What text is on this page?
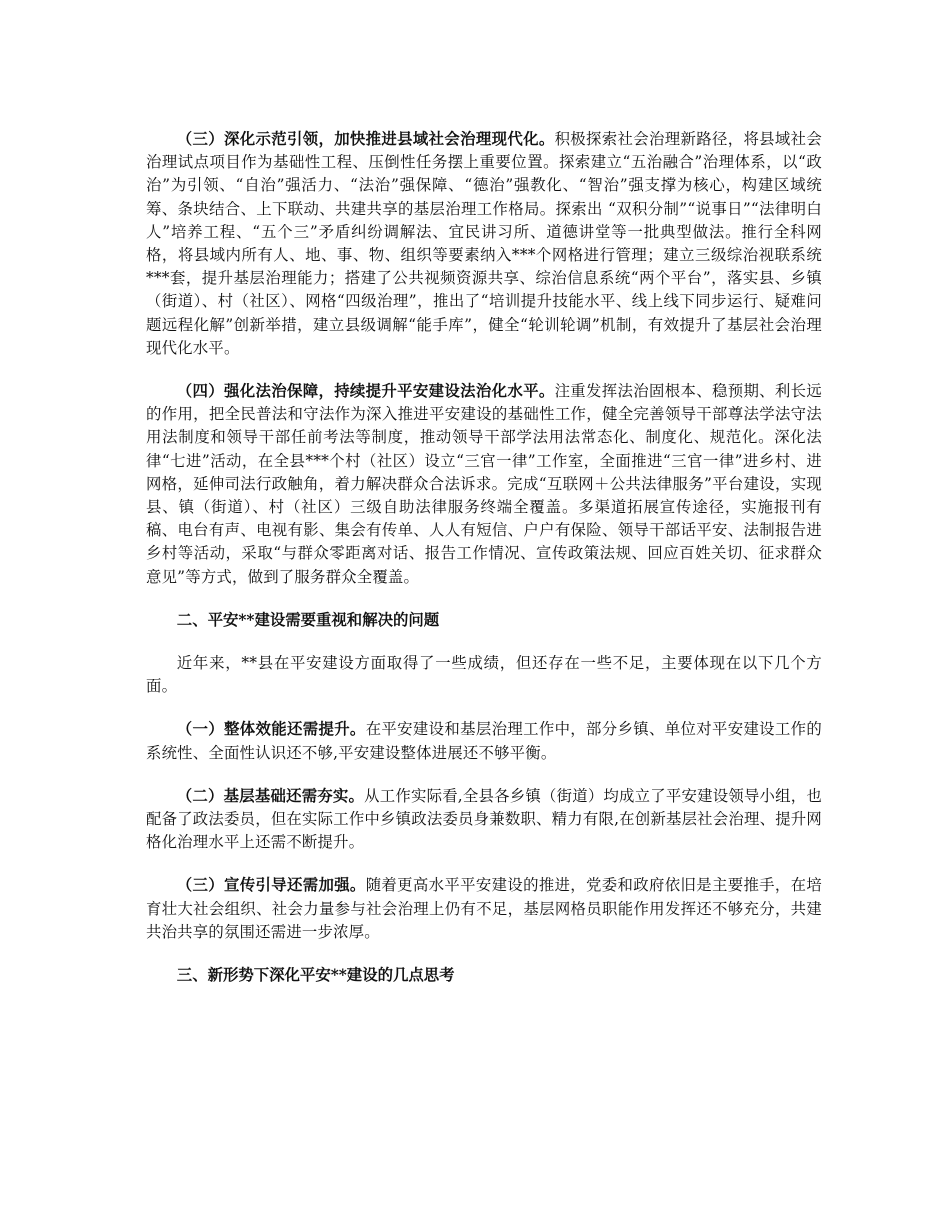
（三）深化示范引领，加快推进县域社会治理现代化。积极探索社会治理新路径，将县域社会治理试点项目作为基础性工程、压倒性任务摆上重要位置。探索建立“五治融合”治理体系，以“政治”为引领、“自治”强活力、“法治”强保障、“德治”强教化、“智治”强支撑为核心，构建区域统筹、条块结合、上下联动、共建共享的基层治理工作格局。探索出 “双积分制”“说事日”“法律明白人”培养工程、“五个三”矛盾纠纷调解法、宜民讲习所、道德讲堂等一批典型做法。推行全科网格，将县域内所有人、地、事、物、组织等要素纳入***个网格进行管理；建立三级综治视联系统***套，提升基层治理能力；搭建了公共视频资源共享、综治信息系统“两个平台”，落实县、乡镇（街道）、村（社区）、网格“四级治理”，推出了“培训提升技能水平、线上线下同步运行、疑难问题远程化解”创新举措，建立县级调解“能手库”，健全“轮训轮调”机制，有效提升了基层社会治理现代化水平。

（四）强化法治保障，持续提升平安建设法治化水平。注重发挥法治固根本、稳预期、利长远的作用，把全民普法和守法作为深入推进平安建设的基础性工作，健全完善领导干部尊法学法守法用法制度和领导干部任前考法等制度，推动领导干部学法用法常态化、制度化、规范化。深化法律“七进”活动，在全县***个村（社区）设立“三官一律”工作室，全面推进“三官一律”进乡村、进网格，延伸司法行政触角，着力解决群众合法诉求。完成“互联网＋公共法律服务”平台建设，实现县、镇（街道）、村（社区）三级自助法律服务终端全覆盖。多渠道拓展宣传途径，实施报刊有稿、电台有声、电视有影、集会有传单、人人有短信、户户有保险、领导干部话平安、法制报告进乡村等活动，采取“与群众零距离对话、报告工作情况、宣传政策法规、回应百姓关切、征求群众意见”等方式，做到了服务群众全覆盖。

二、平安**建设需要重视和解决的问题

近年来，**县在平安建设方面取得了一些成绩，但还存在一些不足，主要体现在以下几个方面。

（一）整体效能还需提升。在平安建设和基层治理工作中，部分乡镇、单位对平安建设工作的系统性、全面性认识还不够,平安建设整体进展还不够平衡。

（二）基层基础还需夯实。从工作实际看,全县各乡镇（街道）均成立了平安建设领导小组，也配备了政法委员，但在实际工作中乡镇政法委员身兼数职、精力有限,在创新基层社会治理、提升网格化治理水平上还需不断提升。

（三）宣传引导还需加强。随着更高水平平安建设的推进，党委和政府依旧是主要推手，在培育壮大社会组织、社会力量参与社会治理上仍有不足，基层网格员职能作用发挥还不够充分，共建共治共享的氛围还需进一步浓厚。

三、新形势下深化平安**建设的几点思考
